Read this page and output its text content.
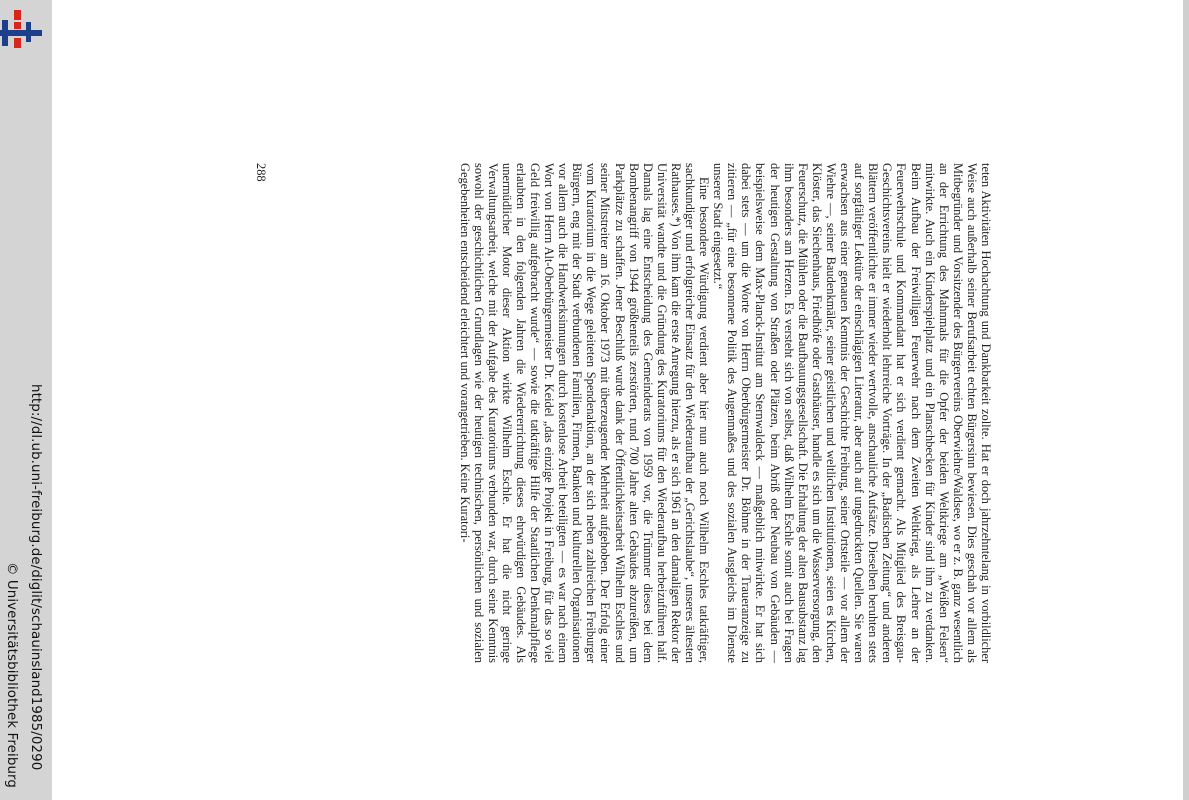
http://dl.ub.uni-freiburg.de/diglit/schauinsland1985/0290
© Universitätsbibliothek Freiburg

teten Aktivitäten Hochachtung und Dankbarkeit zollte. Hat er doch jahrzehntelang in vorbildlicher Weise auch außerhalb seiner Berufsarbeit echten Bürgersinn bewiesen. Dies geschah vor allem als Mitbegründer und Vorsitzender des Bürgervereins Oberwiehre/Waldsee, wo er z. B. ganz wesentlich an der Errichtung des Mahnmals für die Opfer der beiden Weltkriege am „Weißen Felsen“ mitwirkte. Auch ein Kinderspielplatz und ein Planschbecken für Kinder sind ihm zu verdanken. Beim Aufbau der Freiwilligen Feuerwehr nach dem Zweiten Weltkrieg, als Lehrer an der Feuerwehrschule und Kommandant hat er sich verdient gemacht. Als Mitglied des Breisgau-Geschichtsvereins hielt er wiederholt lehrreiche Vorträge. In der „Badischen Zeitung“ und anderen Blättern veröffentlichte er immer wieder wertvolle, anschauliche Aufsätze. Dieselben beruhten stets auf sorgfältiger Lektüre der einschlägigen Literatur, aber auch auf ungedruckten Quellen. Sie waren erwachsen aus einer genauen Kenntnis der Geschichte Freiburg, seiner Ortsteile — vor allem der Wiehre —, seiner Baudenkmäler, seiner geistlichen und weltlichen Institutionen, seien es Kirchen, Klöster, das Siechenhaus, Friedhöfe oder Gasthäuser, handle es sich um die Wasserversorgung, den Feuerschutz, die Mühlen oder die Baufbauungsgesellschaft. Die Erhaltung der alten Bausubstanz lag ihm besonders am Herzen. Es versteht sich von selbst, daß Wilhelm Eschle somit auch bei Fragen der heutigen Gestaltung von Straßen oder Plätzen, beim Abriß oder Neubau von Gebäuden — beispielsweise dem Max-Planck-Institut am Sternwaldeck — maßgeblich mitwirkte. Er hat sich dabei stets — um die Worte von Herrn Oberbürgermeister Dr. Böhme in der Traueranzeige zu zitieren — „für eine besonnene Politik des Augenmaßes und des sozialen Ausgleichs im Dienste unserer Stadt eingesetzt.“

Eine besondere Würdigung verdient aber hier nun auch noch Wilhelm Eschles tatkräftiger, sachkundiger und erfolgreicher Einsatz für den Wiederaufbau der „Gerichtslaube“, unseres ältesten Rathauses.*) Von ihm kam die erste Anregung hierzu, als er sich 1961 an den damaligen Rektor der Universität wandte und die Gründung des Kuratoriums für den Wiederaufbau herbeizuführen half. Damals lag eine Entscheidung des Gemeinderats von 1959 vor, die Trümmer dieses bei dem Bombenangriff von 1944 größtenteils zerstörten, rund 700 Jahre alten Gebäudes abzureißen, um Parkplätze zu schaffen. Jener Beschluß wurde dank der Öffentlichkeitsarbeit Wilhelm Eschles und seiner Mitstreiter am 16. Oktober 1973 mit überzeugender Mehrheit aufgehoben. Der Erfolg einer vom Kuratorium in die Wege geleiteten Spendenaktion, an der sich neben zahlreichen Freiburger Bürgern, eng mit der Stadt verbundenen Familien, Firmen, Banken und kulturellen Organisationen vor allem auch die Handwerksinnungen durch kostenlose Arbeit beteiligten — es war nach einem Wort von Herrn Alt-Oberbürgermeister Dr. Keidel „das einzige Projekt in Freiburg, für das so viel Geld freiwillig aufgebracht wurde“ — sowie die tatkräftige Hilfe der Staatlichen Denkmalpflege erlaubten in den folgenden Jahren die Wiedererrichtung dieses ehrwürdigen Gebäudes. Als unermüdlicher Motor dieser Aktion wirkte Wilhelm Eschle. Er hat die nicht geringe Verwaltungsarbeit, welche mit der Aufgabe des Kuratoriums verbunden war, durch seine Kenntnis sowohl der geschichtlichen Grundlagen wie der heutigen technischen, persönlichen und sozialen Gegebenheiten entscheidend erleichtert und vorangetrieben. Keine Kuratori-

288
